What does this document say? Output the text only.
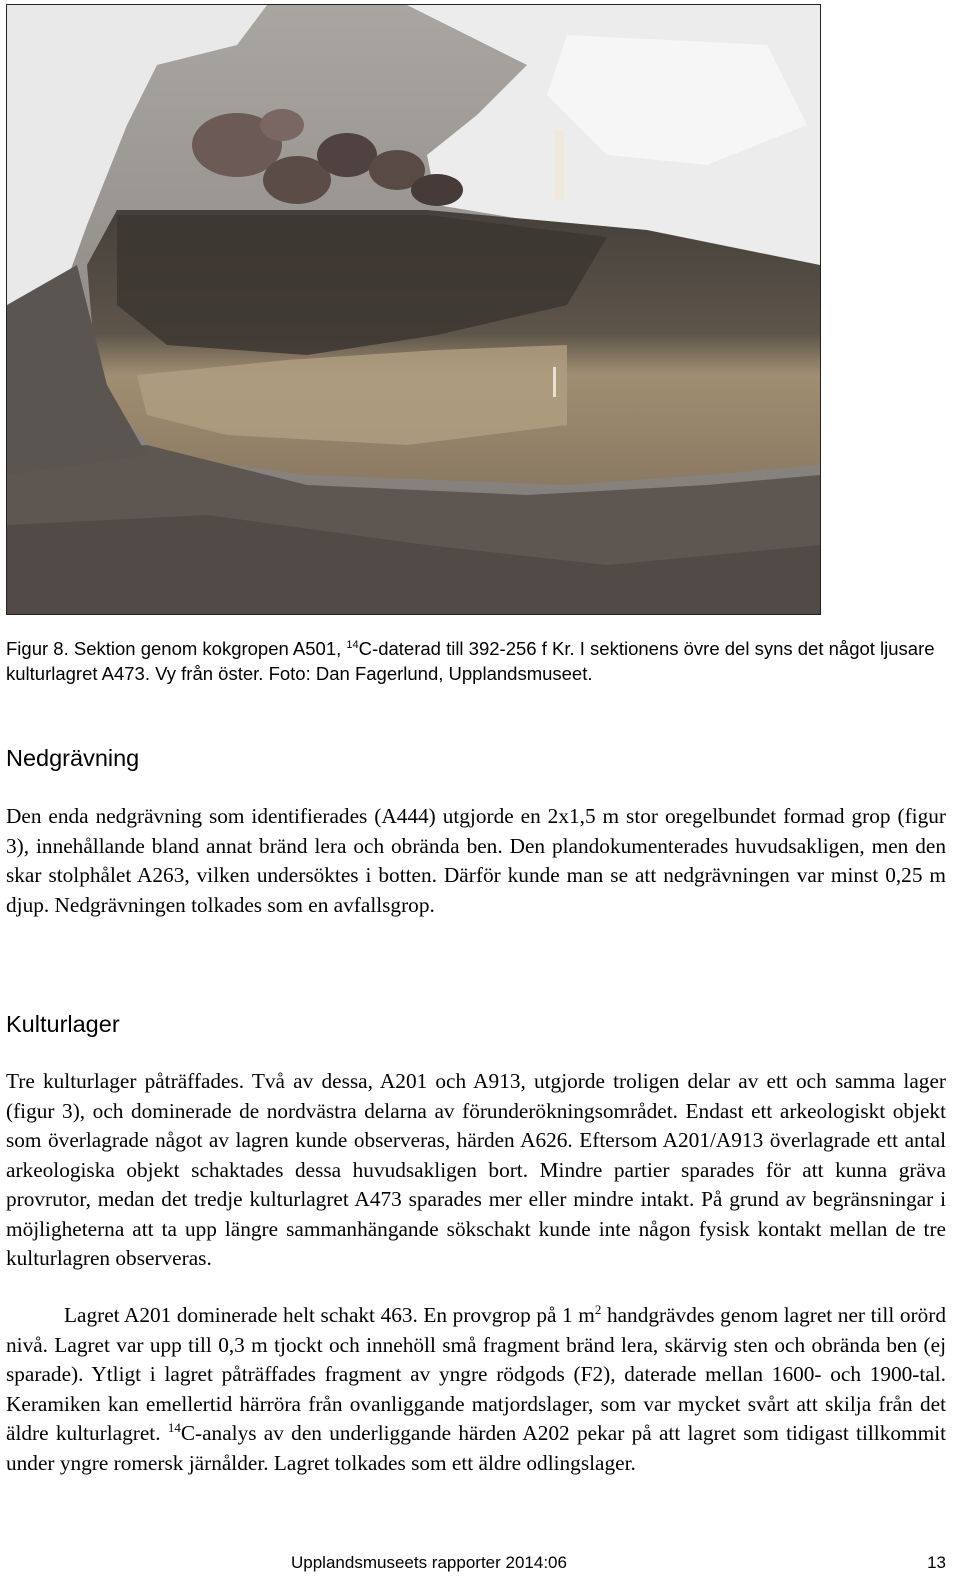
Figur 8. Sektion genom kokgropen A501, $^{14}$C-daterad till 392-256 f Kr. I sektionens övre del syns det något ljusare kulturlagret A473. Vy från öster. Foto: Dan Fagerlund, Upplandsmuseet.
Nedgrävning

Den enda nedgrävning som identifierades (A444) utgjorde en 2x1,5 m stor oregelbundet formad grop (figur 3), innehållande bland annat bränd lera och obrända ben. Den plandokumenterades huvudsakligen, men den skar stolphålet A263, vilken undersöktes i botten. Därför kunde man se att nedgrävningen var minst 0,25 m djup. Nedgrävningen tolkades som en avfallsgrop.

Kulturlager

Tre kulturlager påträffades. Två av dessa, A201 och A913, utgjorde troligen delar av ett och samma lager (figur 3), och dominerade de nordvästra delarna av förunderökningsområdet. Endast ett arkeologiskt objekt som överlagrade något av lagren kunde observeras, härden A626. Eftersom A201/A913 överlagrade ett antal arkeologiska objekt schaktades dessa huvudsakligen bort. Mindre partier sparades för att kunna gräva provrutor, medan det tredje kulturlagret A473 sparades mer eller mindre intakt. På grund av begränsningar i möjligheterna att ta upp längre sammanhängande sökschakt kunde inte någon fysisk kontakt mellan de tre kulturlagren observeras.

Lagret A201 dominerade helt schakt 463. En provgrop på 1 $m^2$ handgrävdes genom lagret ner till orörd nivå. Lagret var upp till 0,3 m tjockt och innehöll små fragment bränd lera, skärvig sten och obrända ben (ej sparade). Ytligt i lagret påträffades fragment av yngre rödgods (F2), daterade mellan 1600- och 1900-tal. Keramiken kan emellertid härröra från ovanliggande matjordslager, som var mycket svårt att skilja från det äldre kulturlagret. $^{14}$C-analys av den underliggande härden A202 pekar på att lagret som tidigast tillkommit under yngre romersk järnålder. Lagret tolkades som ett äldre odlingslager.

Upplandsmuseets rapporter 2014:06	13
